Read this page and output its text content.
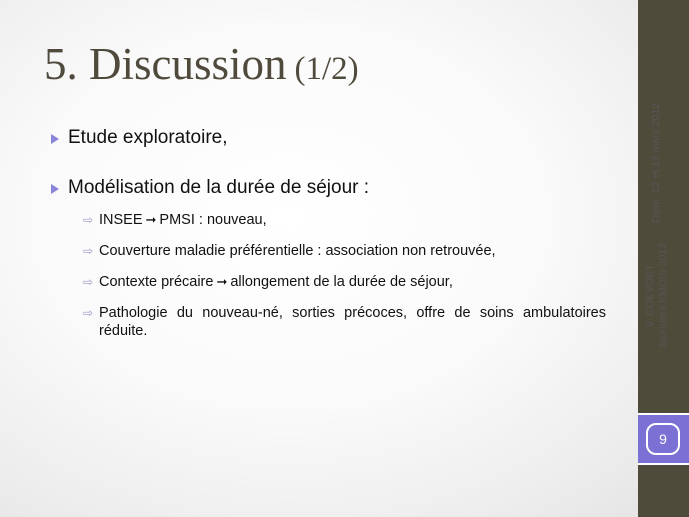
5. Discussion (1/2)
Etude exploratoire,
Modélisation de la durée de séjour :
⇨ INSEE ➞ PMSI : nouveau,
⇨ Couverture maladie préférentielle : association non retrouvée,
⇨ Contexte précaire ➞ allongement de la durée de séjour,
⇨ Pathologie du nouveau-né, sorties précoces, offre de soins ambulatoires réduite.
9
Dijon, 12 et 13 mars 2012
V. COEVOET Journées EMOIS 2012
